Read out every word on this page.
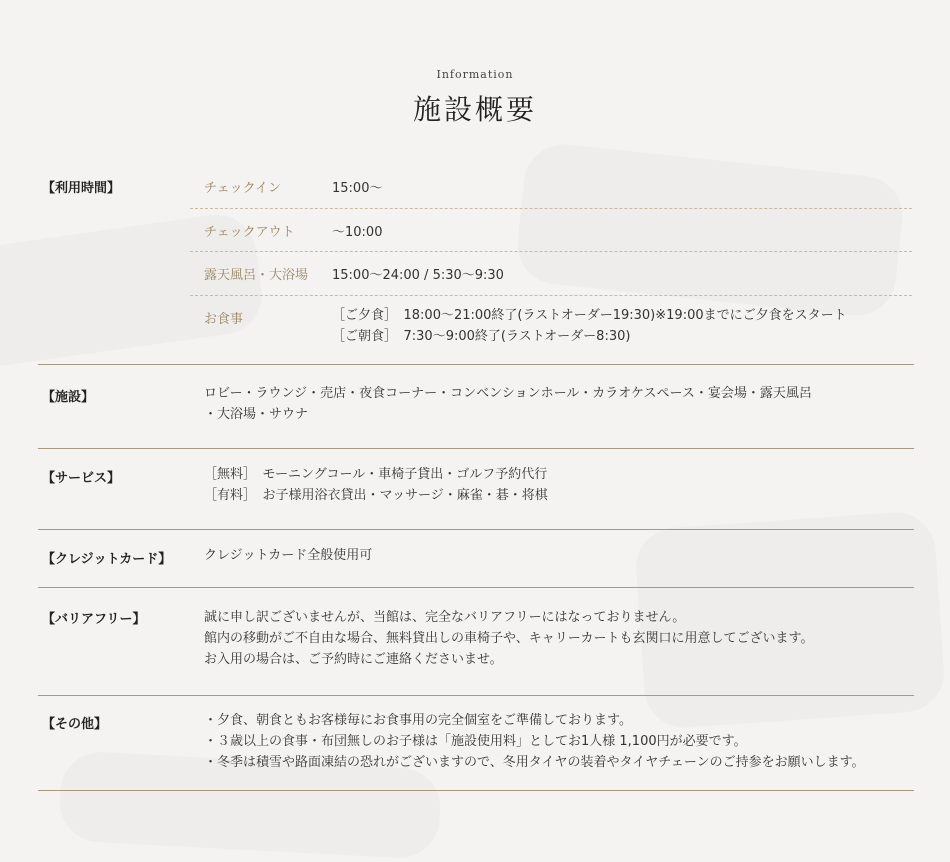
Information
施設概要
【利用時間】	チェックイン	15:00〜
チェックアウト	〜10:00
露天風呂・大浴場 15:00〜24:00 / 5:30〜9:30
お食事	［ご夕食］　18:00〜21:00終了(ラストオーダー19:30)※19:00までにご夕食をスタート
［ご朝食］　7:30〜9:00終了(ラストオーダー8:30)
【施設】	ロビー・ラウンジ・売店・夜食コーナー・コンベンションホール・カラオケスペース・宴会場・露天風呂
・大浴場・サウナ
【サービス】	［無料］　モーニングコール・車椅子貸出・ゴルフ予約代行
［有料］　お子様用浴衣貸出・マッサージ・麻雀・碁・将棋
【クレジットカード】	クレジットカード全般使用可
【バリアフリー】	誠に申し訳ございませんが、当館は、完全なバリアフリーにはなっておりません。
館内の移動がご不自由な場合、無料貸出しの車椅子や、キャリーカートも玄関口に用意してございます。
お入用の場合は、ご予約時にご連絡くださいませ。
【その他】	・夕食、朝食ともお客様毎にお食事用の完全個室をご準備しております。
・３歳以上の食事・布団無しのお子様は「施設使用料」としてお1人様 1,100円が必要です。
・冬季は積雪や路面凍結の恐れがございますので、冬用タイヤの装着やタイヤチェーンのご持参をお願いします。
